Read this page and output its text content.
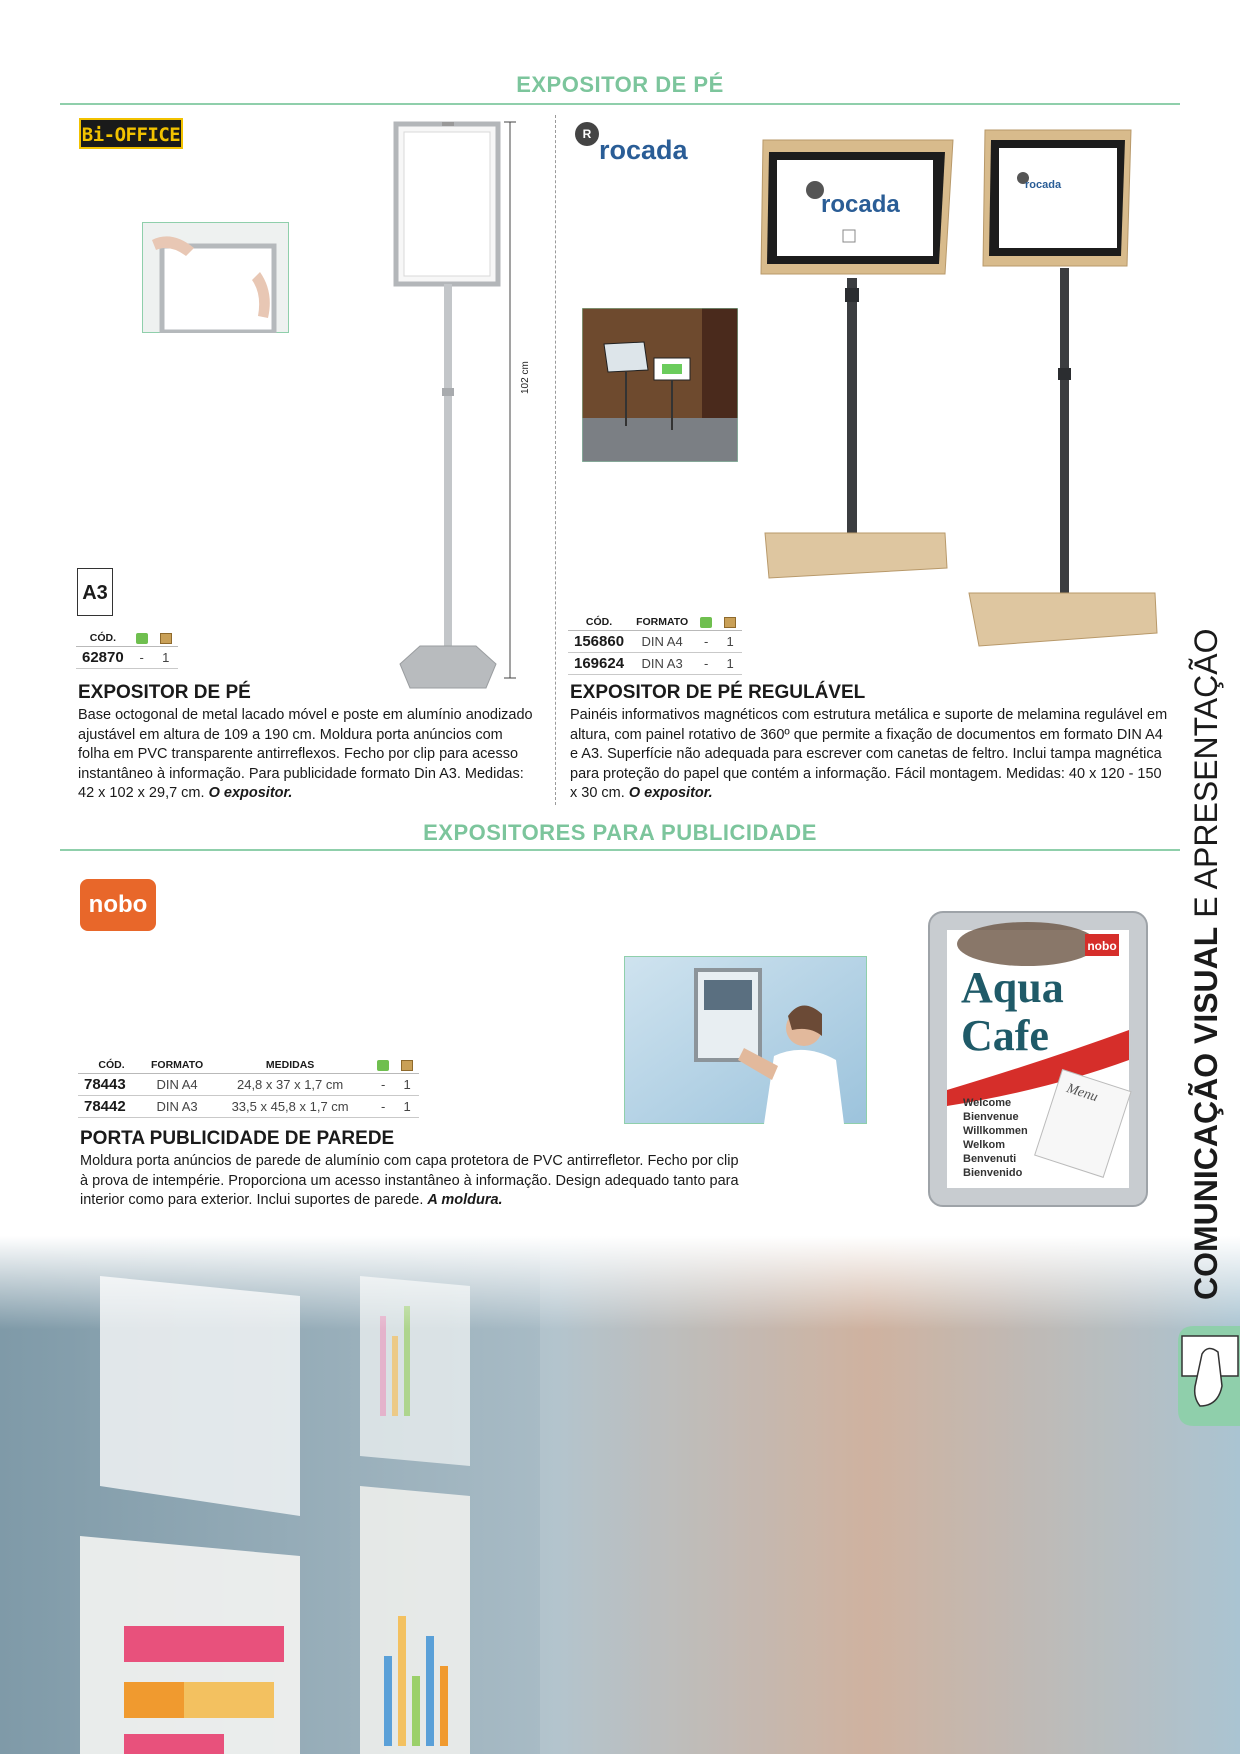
EXPOSITOR DE PÉ
Bi-OFFICE
102 cm
A3
CÓD.		
62870	-	1
EXPOSITOR DE PÉ
Base octogonal de metal lacado móvel e poste em alumínio anodizado ajustável em altura de 109 a 190 cm. Moldura porta anúncios com folha em PVC transparente antirreflexos. Fecho por clip para acesso instantâneo à informação. Para publicidade formato Din A3. Medidas: 42 x 102 x 29,7 cm. O expositor.
R
rocada
rocada
rocada
CÓD.	FORMATO		
156860	DIN A4	-	1
169624	DIN A3	-	1
EXPOSITOR DE PÉ REGULÁVEL
Painéis informativos magnéticos com estrutura metálica e suporte de melamina regulável em altura, com painel rotativo de 360º que permite a fixação de documentos em formato DIN A4 e A3. Superfície não adequada para escrever com canetas de feltro. Inclui tampa magnética para proteção do papel que contém a informação. Fácil montagem. Medidas: 40 x 120 - 150 x 30 cm. O expositor.
EXPOSITORES PARA PUBLICIDADE
nobo
CÓD.	FORMATO	MEDIDAS		
78443	DIN A4	24,8 x 37 x 1,7 cm	-	1
78442	DIN A3	33,5 x 45,8 x 1,7 cm	-	1
PORTA PUBLICIDADE DE PAREDE
Moldura porta anúncios de parede de alumínio com capa protetora de PVC antirrefletor. Fecho por clip à prova de intempérie. Proporciona um acesso instantâneo à informação. Design adequado tanto para interior como para exterior. Inclui suportes de parede. A moldura.
nobo
Aqua
Cafe
Menu
Welcome
Bienvenue
Willkommen
Welkom
Benvenuti
Bienvenido	COMUNICAÇÃO VISUAL E APRESENTAÇÃO
